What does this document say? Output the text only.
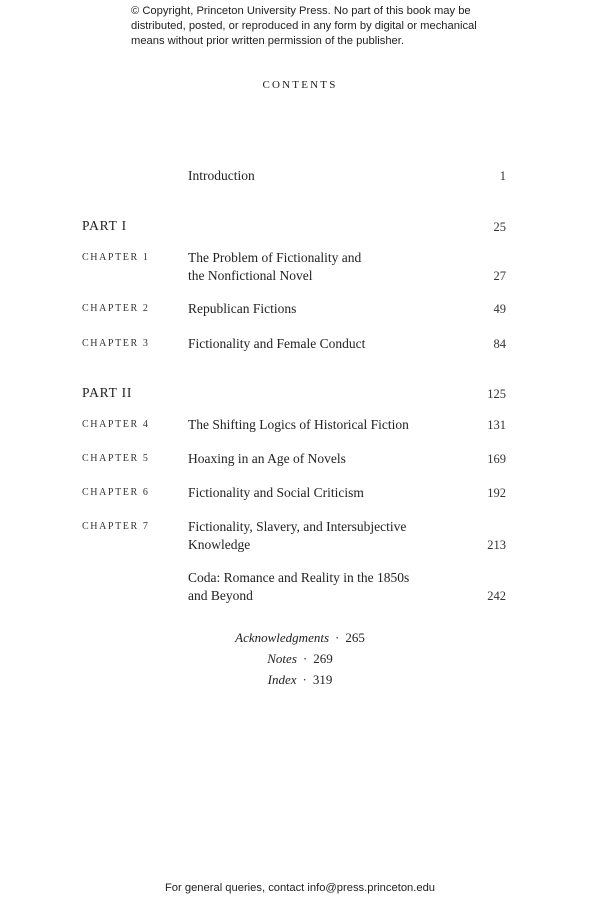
© Copyright, Princeton University Press. No part of this book may be distributed, posted, or reproduced in any form by digital or mechanical means without prior written permission of the publisher.
CONTENTS
Introduction	1
PART I	25
CHAPTER 1	The Problem of Fictionality and
the Nonfictional Novel	27
CHAPTER 2	Republican Fictions	49
CHAPTER 3	Fictionality and Female Conduct	84
PART II	125
CHAPTER 4	The Shifting Logics of Historical Fiction	131
CHAPTER 5	Hoaxing in an Age of Novels	169
CHAPTER 6	Fictionality and Social Criticism	192
CHAPTER 7	Fictionality, Slavery, and Intersubjective
Knowledge	213
Coda: Romance and Reality in the 1850s
and Beyond	242
Acknowledgments · 265
Notes · 269
Index · 319
For general queries, contact info@press.princeton.edu
